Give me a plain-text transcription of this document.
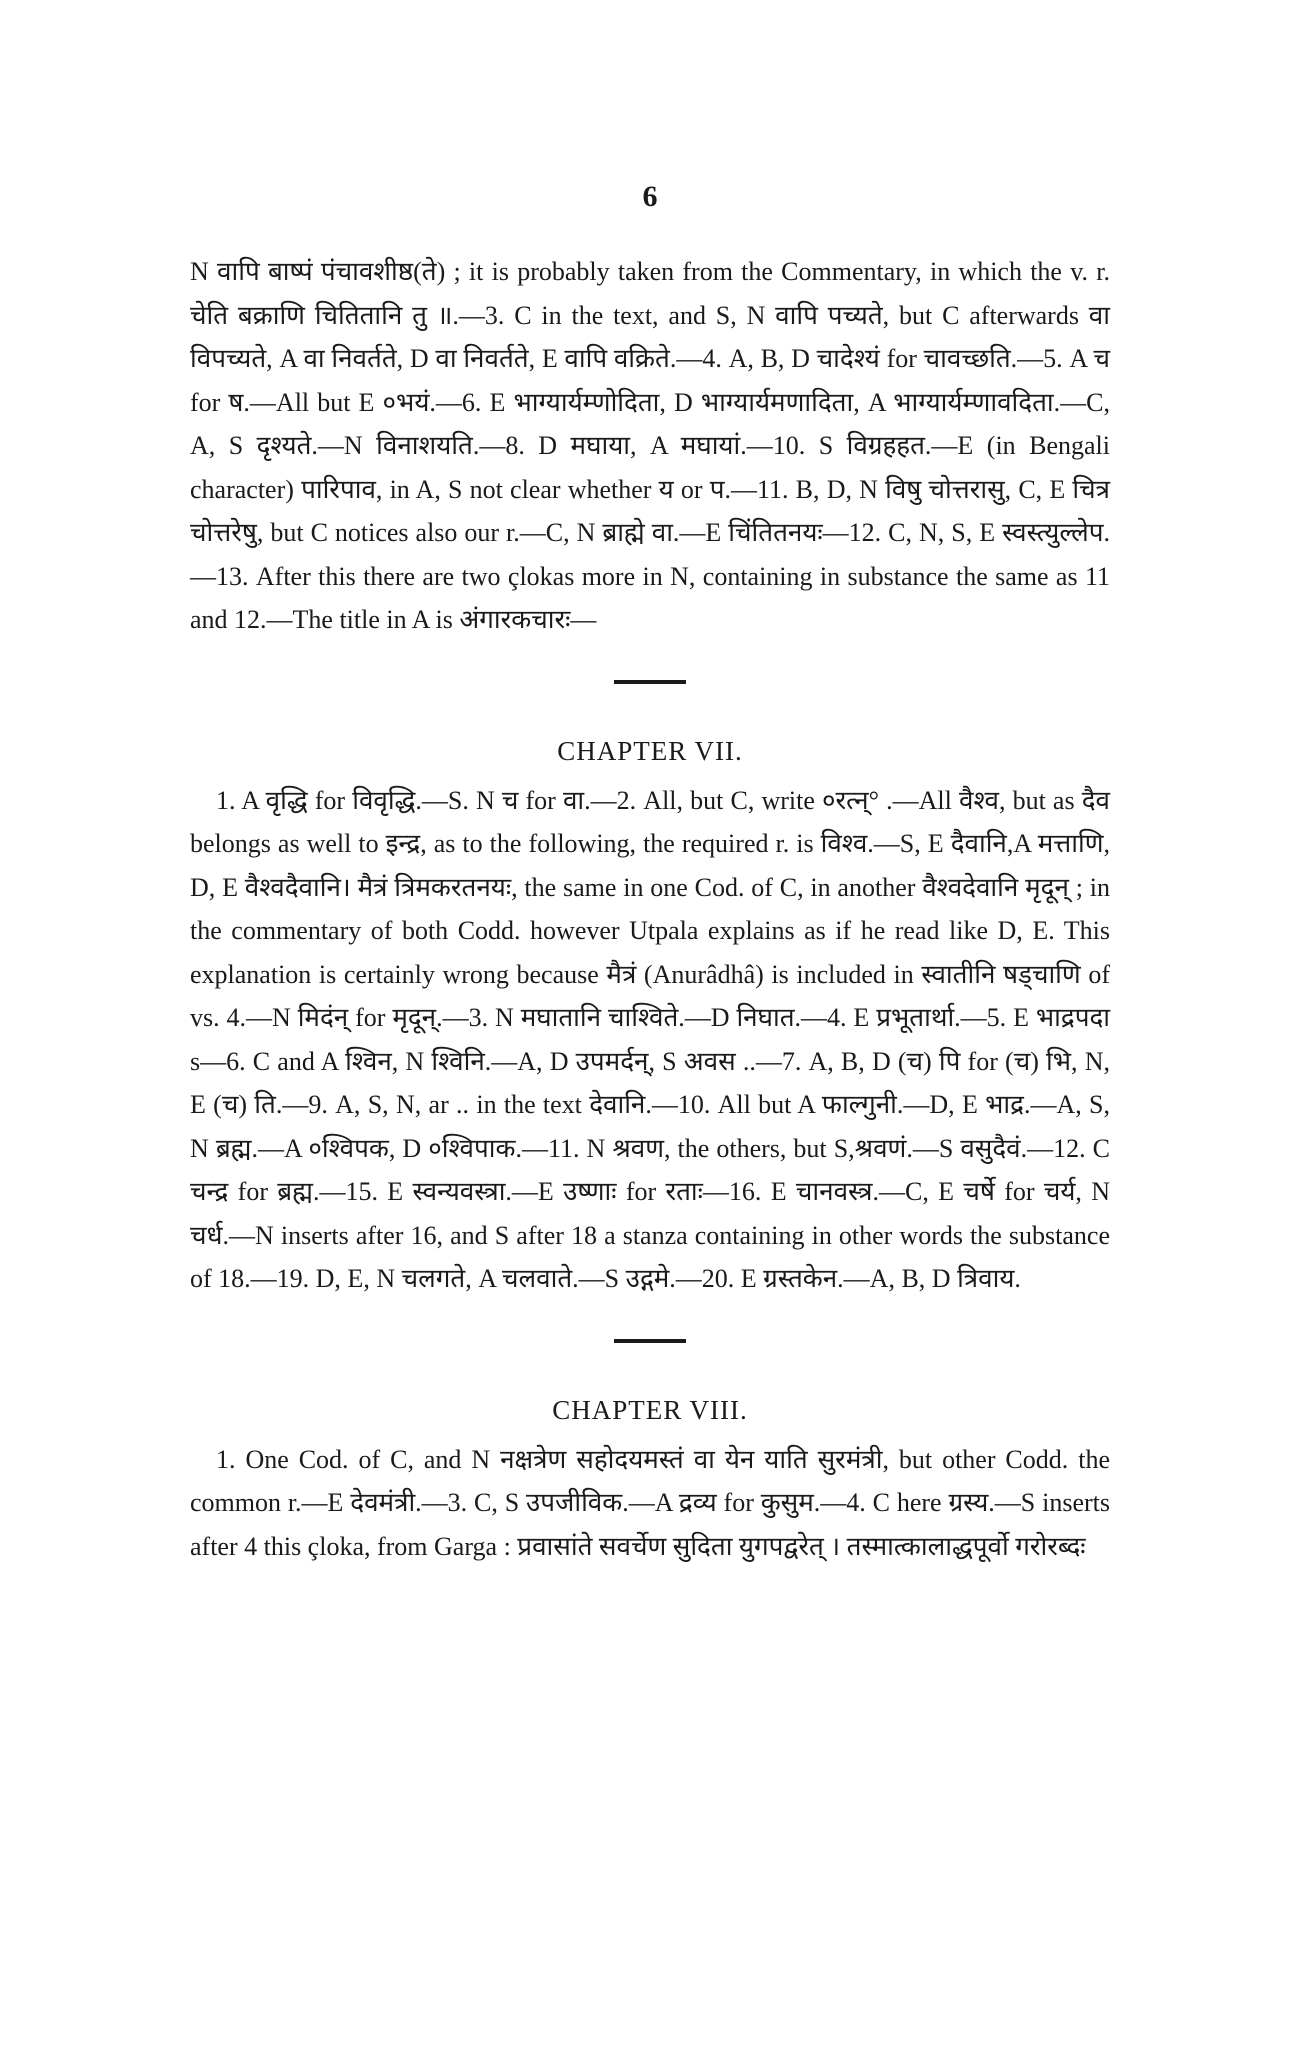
6

N वापि बाष्पं पंचावशीष्ठ(ते) ; it is probably taken from the Commentary, in which the v. r. चेति बक्राणि चितितानि तु ॥.—3. C in the text, and S, N वापि पच्यते, but C afterwards वा विपच्यते, A वा निवर्तते, D वा निवर्तते, E वापि वक्रिते.—4. A, B, D चादेश्यं for चावच्छति.—5. A च for ष.—All but E ०भयं.—6. E भाग्यार्यम्णोदिता, D भाग्यार्यमणादिता, A भाग्यार्यम्णावदिता.—C, A, S दृश्यते.—N विनाशयति.—8. D मघाया, A मघायां.—10. S विग्रहहत.—E (in Bengali character) पारिपाव, in A, S not clear whether य or प.—11. B, D, N विषु चोत्तरासु, C, E चित्र चोत्तरेषु, but C notices also our r.—C, N ब्राह्मे वा.—E चिंतितनयः—12. C, N, S, E स्वस्त्युल्लेप.—13. After this there are two çlokas more in N, containing in substance the same as 11 and 12.—The title in A is अंगारकचारः—

CHAPTER VII.

1. A वृद्धि for विवृद्धि.—S. N च for वा.—2. All, but C, write ०रत्न्° .—All वैश्व, but as दैव belongs as well to इन्द्र, as to the following, the required r. is विश्व.—S, E दैवानि,A मत्ताणि, D, E वैश्वदैवानि। मैत्रं त्रिमकरतनयः, the same in one Cod. of C, in another वैश्वदेवानि मृदून् ; in the commentary of both Codd. however Utpala explains as if he read like D, E. This explanation is certainly wrong because मैत्रं (Anurâdhâ) is included in स्वातीनि षड्चाणि of vs. 4.—N मिदंन् for मृदून्.—3. N मघातानि चाश्विते.—D निघात.—4. E प्रभूतार्था.—5. E भाद्रपदा s—6. C and A श्विन, N श्विनि.—A, D उपमर्दन्, S अवस ..—7. A, B, D (च) पि for (च) भि, N, E (च) ति.—9. A, S, N, ar .. in the text देवानि.—10. All but A फाल्गुनी.—D, E भाद्र.—A, S, N ब्रह्म.—A ०श्विपक, D ०श्विपाक.—11. N श्रवण, the others, but S,श्रवणं.—S वसुदैवं.—12. C चन्द्र for ब्रह्म.—15. E स्वन्यवस्त्रा.—E उष्णाः for रताः—16. E चानवस्त्र.—C, E चर्षे for चर्य, N चर्ध.—N inserts after 16, and S after 18 a stanza containing in other words the substance of 18.—19. D, E, N चलगते, A चलवाते.—S उद्गमे.—20. E ग्रस्तकेन.—A, B, D त्रिवाय.

CHAPTER VIII.

1. One Cod. of C, and N नक्षत्रेण सहोदयमस्तं वा येन याति सुरमंत्री, but other Codd. the common r.—E देवमंत्री.—3. C, S उपजीविक.—A द्रव्य for कुसुम.—4. C here ग्रस्य.—S inserts after 4 this çloka, from Garga : प्रवासांते सवर्चेण सुदिता युगपद्वरेत् । तस्मात्कालाद्धपूर्वो गरोरब्दः
